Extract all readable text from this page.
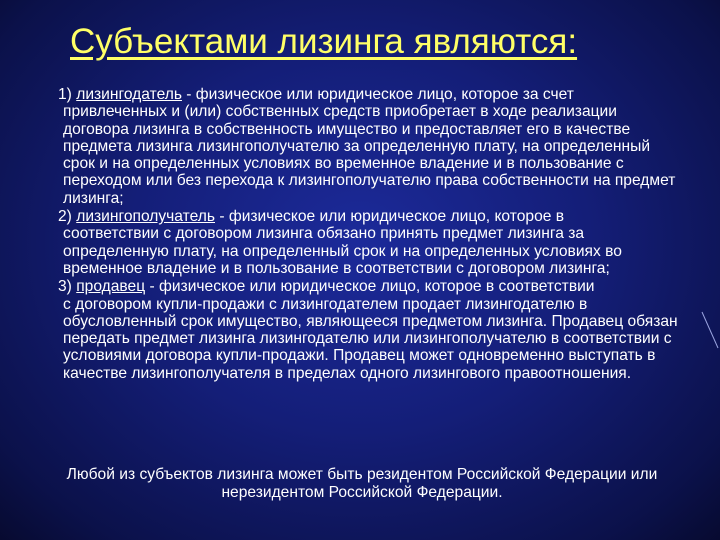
Субъектами лизинга являются:
1) лизингодатель - физическое или юридическое лицо, которое за счет
привлеченных и (или) собственных средств приобретает в ходе реализации договора лизинга в собственность имущество и предоставляет его в качестве предмета лизинга лизингополучателю за определенную плату, на определенный срок и на определенных условиях во временное владение и в пользование с переходом или без перехода к лизингополучателю права собственности на предмет лизинга;
2) лизингополучатель - физическое или юридическое лицо, которое в
соответствии с договором лизинга обязано принять предмет лизинга за определенную плату, на определенный срок и на определенных условиях во временное владение и в пользование в соответствии с договором лизинга;
3) продавец - физическое или юридическое лицо, которое в соответствии
с договором купли-продажи с лизингодателем продает лизингодателю в обусловленный срок имущество, являющееся предметом лизинга. Продавец обязан передать предмет лизинга лизингодателю или лизингополучателю в соответствии с условиями договора купли-продажи. Продавец может одновременно выступать в качестве лизингополучателя в пределах одного лизингового правоотношения.
Любой из субъектов лизинга может быть резидентом Российской Федерации или нерезидентом Российской Федерации.
